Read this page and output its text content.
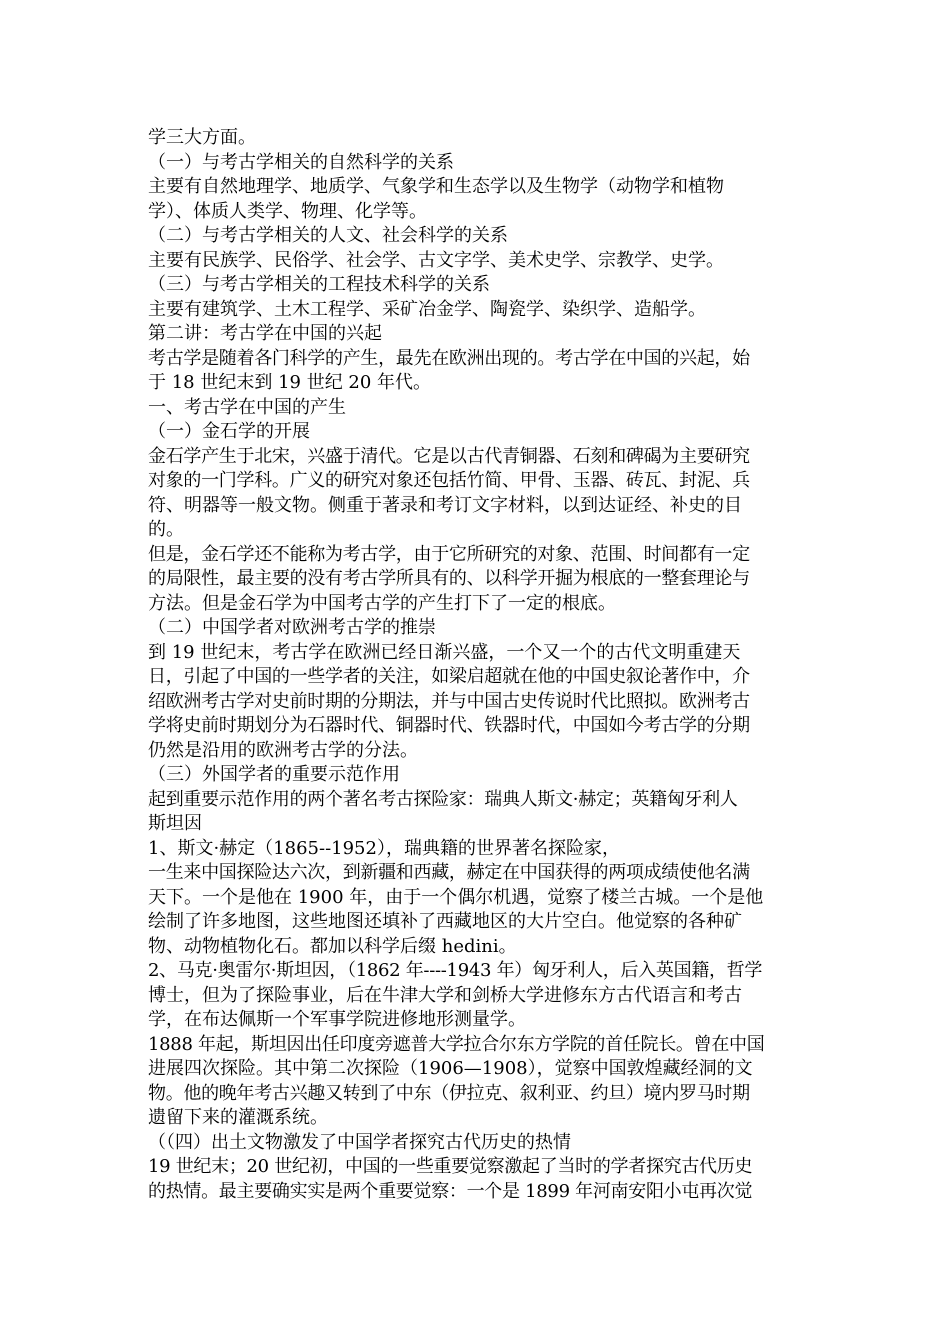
学三大方面。
（一）与考古学相关的自然科学的关系
主要有自然地理学、地质学、气象学和生态学以及生物学（动物学和植物
学）、体质人类学、物理、化学等。
（二）与考古学相关的人文、社会科学的关系
主要有民族学、民俗学、社会学、古文字学、美术史学、宗教学、史学。
（三）与考古学相关的工程技术科学的关系
主要有建筑学、土木工程学、采矿冶金学、陶瓷学、染织学、造船学。
第二讲：考古学在中国的兴起
考古学是随着各门科学的产生，最先在欧洲出现的。考古学在中国的兴起，始
于 18 世纪末到 19 世纪 20 年代。
一、考古学在中国的产生
（一）金石学的开展
金石学产生于北宋，兴盛于清代。它是以古代青铜器、石刻和碑碣为主要研究
对象的一门学科。广义的研究对象还包括竹简、甲骨、玉器、砖瓦、封泥、兵
符、明器等一般文物。侧重于著录和考订文字材料，以到达证经、补史的目
的。
但是，金石学还不能称为考古学，由于它所研究的对象、范围、时间都有一定
的局限性，最主要的没有考古学所具有的、以科学开掘为根底的一整套理论与
方法。但是金石学为中国考古学的产生打下了一定的根底。
（二）中国学者对欧洲考古学的推崇
到 19 世纪末，考古学在欧洲已经日渐兴盛，一个又一个的古代文明重建天
日，引起了中国的一些学者的关注，如梁启超就在他的中国史叙论著作中，介
绍欧洲考古学对史前时期的分期法，并与中国古史传说时代比照拟。欧洲考古
学将史前时期划分为石器时代、铜器时代、铁器时代，中国如今考古学的分期
仍然是沿用的欧洲考古学的分法。
（三）外国学者的重要示范作用
起到重要示范作用的两个著名考古探险家：瑞典人斯文·赫定；英籍匈牙利人
斯坦因
1、斯文·赫定（1865--1952），瑞典籍的世界著名探险家，
一生来中国探险达六次，到新疆和西藏，赫定在中国获得的两项成绩使他名满
天下。一个是他在 1900 年，由于一个偶尔机遇，觉察了楼兰古城。一个是他
绘制了许多地图，这些地图还填补了西藏地区的大片空白。他觉察的各种矿
物、动物植物化石。都加以科学后缀 hedini。
2、马克·奥雷尔·斯坦因，（1862 年----1943 年）匈牙利人，后入英国籍，哲学
博士，但为了探险事业，后在牛津大学和剑桥大学进修东方古代语言和考古
学，在布达佩斯一个军事学院进修地形测量学。
1888 年起，斯坦因出任印度旁遮普大学拉合尔东方学院的首任院长。曾在中国
进展四次探险。其中第二次探险（1906—1908），觉察中国敦煌藏经洞的文
物。他的晚年考古兴趣又转到了中东（伊拉克、叙利亚、约旦）境内罗马时期
遗留下来的灌溉系统。
（（四）出土文物激发了中国学者探究古代历史的热情
19 世纪末；20 世纪初，中国的一些重要觉察激起了当时的学者探究古代历史
的热情。最主要确实实是两个重要觉察：一个是 1899 年河南安阳小屯再次觉
